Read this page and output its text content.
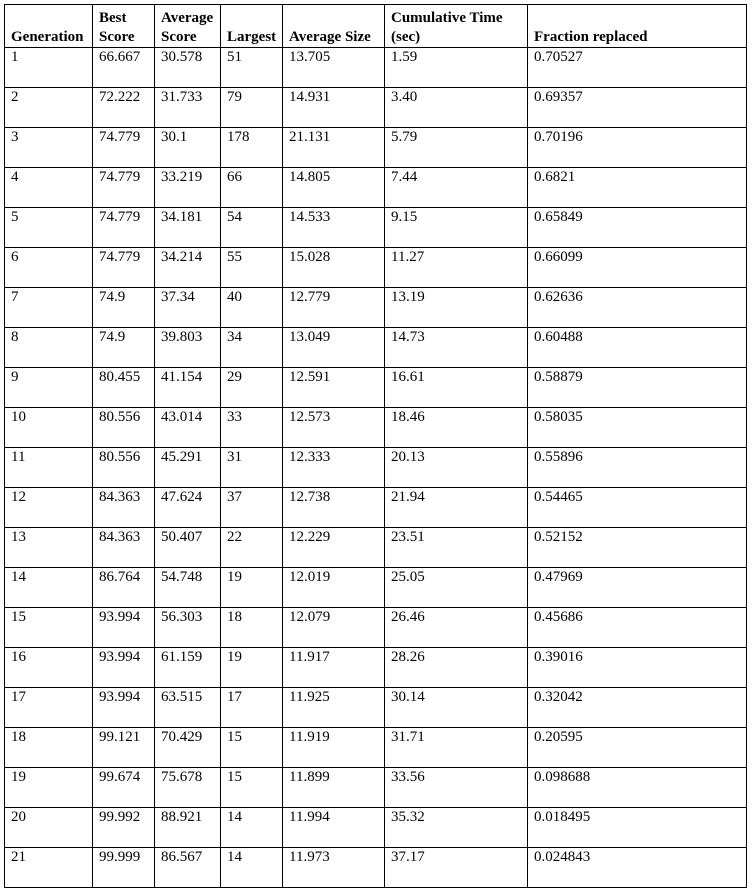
Generation	Best Score	Average Score	Largest	Average Size	Cumulative Time (sec)	Fraction replaced
1	66.667	30.578	51	13.705	1.59	0.70527
2	72.222	31.733	79	14.931	3.40	0.69357
3	74.779	30.1	178	21.131	5.79	0.70196
4	74.779	33.219	66	14.805	7.44	0.6821
5	74.779	34.181	54	14.533	9.15	0.65849
6	74.779	34.214	55	15.028	11.27	0.66099
7	74.9	37.34	40	12.779	13.19	0.62636
8	74.9	39.803	34	13.049	14.73	0.60488
9	80.455	41.154	29	12.591	16.61	0.58879
10	80.556	43.014	33	12.573	18.46	0.58035
11	80.556	45.291	31	12.333	20.13	0.55896
12	84.363	47.624	37	12.738	21.94	0.54465
13	84.363	50.407	22	12.229	23.51	0.52152
14	86.764	54.748	19	12.019	25.05	0.47969
15	93.994	56.303	18	12.079	26.46	0.45686
16	93.994	61.159	19	11.917	28.26	0.39016
17	93.994	63.515	17	11.925	30.14	0.32042
18	99.121	70.429	15	11.919	31.71	0.20595
19	99.674	75.678	15	11.899	33.56	0.098688
20	99.992	88.921	14	11.994	35.32	0.018495
21	99.999	86.567	14	11.973	37.17	0.024843
